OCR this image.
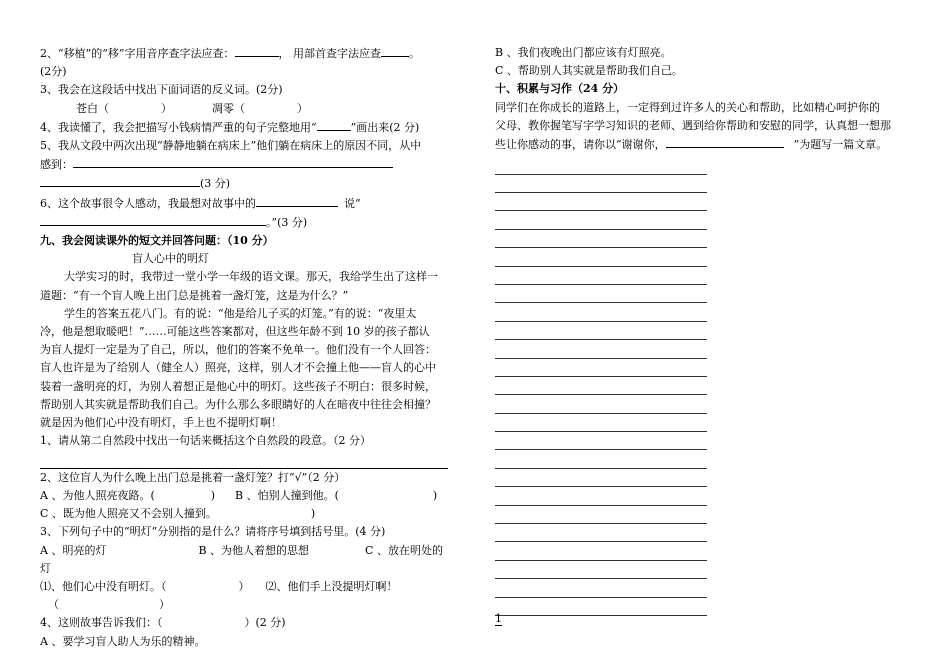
2、“移植”的“移”字用音序查字法应查：	， 用部首查字法应查	。
(2分)
3、我会在这段话中找出下面词语的反义词。(2分)
苍白（	）	凋零（	）
4、我读懂了，我会把描写小钱病情严重的句子完整地用“	”画出来(2 分)
5、我从文段中两次出现“静静地躺在病床上”他们躺在病床上的原因不同，从中
感到：
(3 分)
6、这个故事很令人感动，我最想对故事中的	说“
。”(3 分)
九、我会阅读课外的短文并回答问题：（10 分）
盲人心中的明灯
大学实习的时，我带过一堂小学一年级的语文课。那天，我给学生出了这样一
道题：“有一个盲人晚上出门总是挑着一盏灯笼，这是为什么？”
学生的答案五花八门。有的说：“他是给儿子买的灯笼。”有的说：“夜里太
冷，他是想取暖吧！”……可能这些答案都对，但这些年龄不到 10 岁的孩子都认
为盲人提灯一定是为了自己，所以，他们的答案不免单一。他们没有一个人回答：
盲人也许是为了给别人（健全人）照亮，这样，别人才不会撞上他——盲人的心中
装着一盏明亮的灯，为别人着想正是他心中的明灯。这些孩子不明白：很多时候，
帮助别人其实就是帮助我们自己。为什么那么多眼睛好的人在暗夜中往往会相撞？
就是因为他们心中没有明灯，手上也不提明灯啊！
1、请从第二自然段中找出一句话来概括这个自然段的段意。（2 分）
2、这位盲人为什么晚上出门总是挑着一盏灯笼？打“√”（2 分）
A 、为他人照亮夜路。(	) B 、怕别人撞到他。(	)
C 、既为他人照亮又不会别人撞到。	)
3、下列句子中的“明灯”分别指的是什么？请将序号填到括号里。(4 分)
A 、明亮的灯	B 、为他人着想的思想	C 、放在明处的
灯
⑴、他们心中没有明灯。（	） ⑵、他们手上没提明灯啊！
（	）
4、这则故事告诉我们：（	）(2 分)
A 、要学习盲人助人为乐的精神。
B 、我们夜晚出门都应该有灯照亮。
C 、帮助别人其实就是帮助我们自己。
十、积累与习作（24 分）
同学们在你成长的道路上，一定得到过许多人的关心和帮助，比如精心呵护你的
父母、教你握笔写字学习知识的老师、遇到给你帮助和安慰的同学，认真想一想那
些让你感动的事，请你以“谢谢你，	”为题写一篇文章。
1
